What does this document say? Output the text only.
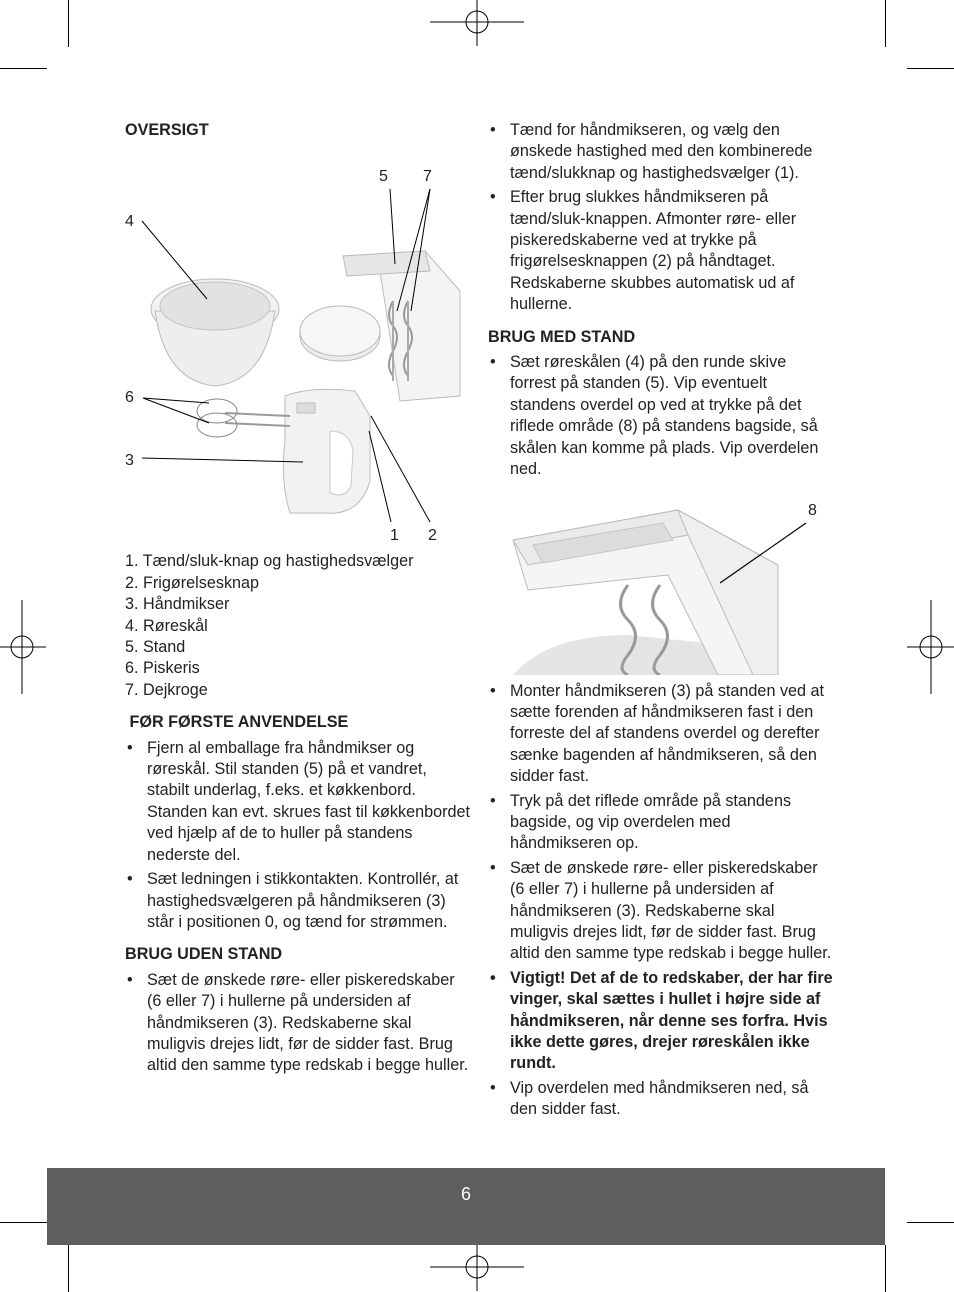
OVERSIGT
5 7
4
6
3
1 2
1. Tænd/sluk-knap og hastighedsvælger
2. Frigørelsesknap
3. Håndmikser
4. Røreskål
5. Stand
6. Piskeris
7. Dejkroge
FØR FØRSTE ANVENDELSE
• Fjern al emballage fra håndmikser og røreskål. Stil standen (5) på et vandret, stabilt underlag, f.eks. et køkkenbord. Standen kan evt. skrues fast til køkkenbordet ved hjælp af de to huller på standens nederste del.
• Sæt ledningen i stikkontakten. Kontrollér, at hastighedsvælgeren på håndmikseren (3) står i positionen 0, og tænd for strømmen.
BRUG UDEN STAND
• Sæt de ønskede røre- eller piskeredskaber (6 eller 7) i hullerne på undersiden af håndmikseren (3). Redskaberne skal muligvis drejes lidt, før de sidder fast. Brug altid den samme type redskab i begge huller.
• Tænd for håndmikseren, og vælg den ønskede hastighed med den kombinerede tænd/slukknap og hastighedsvælger (1).
• Efter brug slukkes håndmikseren på tænd/sluk-knappen. Afmonter røre- eller piskeredskaberne ved at trykke på frigørelsesknappen (2) på håndtaget. Redskaberne skubbes automatisk ud af hullerne.
BRUG MED STAND
• Sæt røreskålen (4) på den runde skive forrest på standen (5). Vip eventuelt standens overdel op ved at trykke på det riflede område (8) på standens bagside, så skålen kan komme på plads. Vip overdelen ned.
8
• Monter håndmikseren (3) på standen ved at sætte forenden af håndmikseren fast i den forreste del af standens overdel og derefter sænke bagenden af håndmikseren, så den sidder fast.
• Tryk på det riflede område på standens bagside, og vip overdelen med håndmikseren op.
• Sæt de ønskede røre- eller piskeredskaber (6 eller 7) i hullerne på undersiden af håndmikseren (3). Redskaberne skal muligvis drejes lidt, før de sidder fast. Brug altid den samme type redskab i begge huller.
• Vigtigt! Det af de to redskaber, der har fire vinger, skal sættes i hullet i højre side af håndmikseren, når denne ses forfra. Hvis ikke dette gøres, drejer røreskålen ikke rundt.
• Vip overdelen med håndmikseren ned, så den sidder fast.
6
